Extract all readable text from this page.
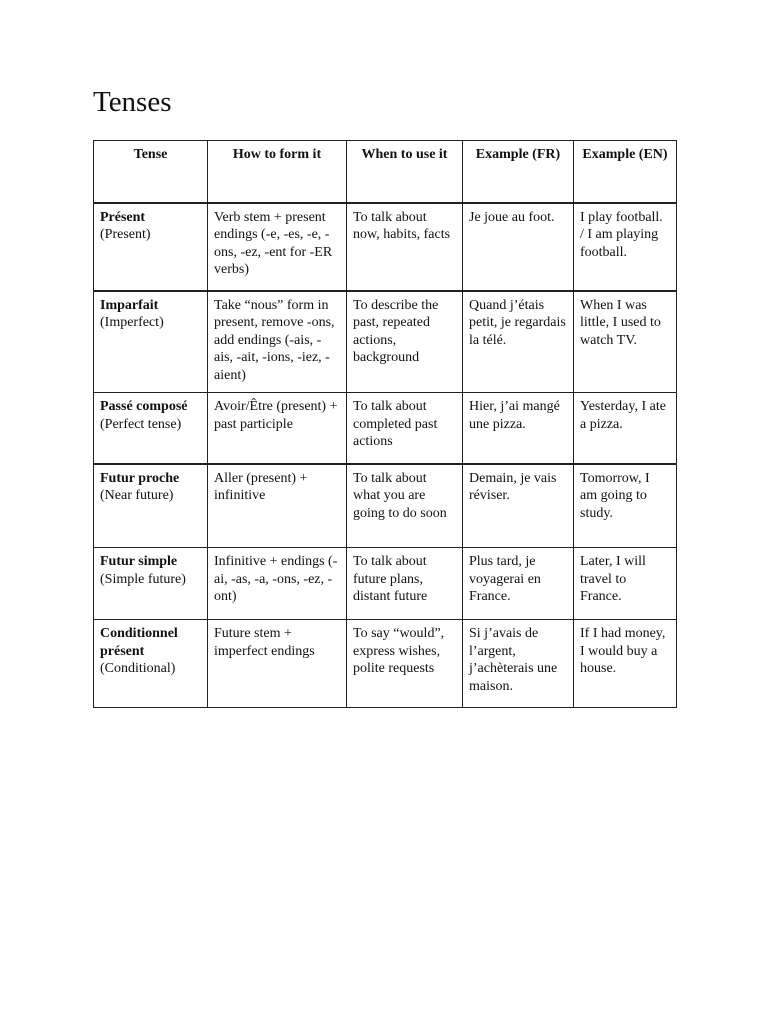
Tenses
Tense	How to form it	When to use it	Example (FR)	Example (EN)

Présent
(Present)	Verb stem + present endings (-e, -es, -e, -ons, -ez, -ent for -ER verbs)	To talk about now, habits, facts	Je joue au foot.	I play football. / I am playing football.

Imparfait
(Imperfect)	Take “nous” form in present, remove -ons, add endings (-ais, -ais, -ait, -ions, -iez, -aient)	To describe the past, repeated actions, background	Quand j’étais petit, je regardais la télé.	When I was little, I used to watch TV.

Passé composé
(Perfect tense)	Avoir/Être (present) + past participle	To talk about completed past actions	Hier, j’ai mangé une pizza.	Yesterday, I ate a pizza.

Futur proche
(Near future)	Aller (present) + infinitive	To talk about what you are going to do soon	Demain, je vais réviser.	Tomorrow, I am going to study.

Futur simple
(Simple future)	Infinitive + endings (-ai, -as, -a, -ons, -ez, -ont)	To talk about future plans, distant future	Plus tard, je voyagerai en France.	Later, I will travel to France.

Conditionnel présent
(Conditional)	Future stem + imperfect endings	To say “would”, express wishes, polite requests	Si j’avais de l’argent, j’achèterais une maison.	If I had money, I would buy a house.
